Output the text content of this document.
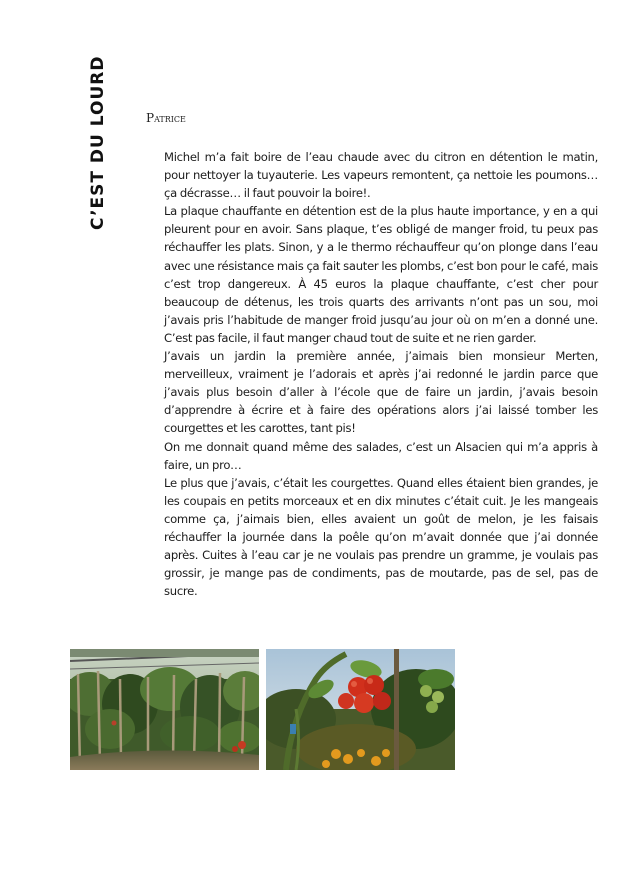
C’EST DU LOURD	Patrice

Michel m’a fait boire de l’eau chaude avec du citron en détention le matin, pour nettoyer la tuyauterie. Les vapeurs remontent, ça nettoie les poumons… ça décrasse… il faut pouvoir la boire!.

La plaque chauffante en détention est de la plus haute importance, y en a qui pleurent pour en avoir. Sans plaque, t’es obligé de manger froid, tu peux pas réchauffer les plats. Sinon, y a le thermo réchauffeur qu’on plonge dans l’eau avec une résistance mais ça fait sauter les plombs, c’est bon pour le café, mais c’est trop dangereux. À 45 euros la plaque chauffante, c’est cher pour beaucoup de détenus, les trois quarts des arrivants n’ont pas un sou, moi j’avais pris l’habitude de manger froid jusqu’au jour où on m’en a donné une. C’est pas facile, il faut manger chaud tout de suite et ne rien garder.

J’avais un jardin la première année, j’aimais bien monsieur Merten, merveilleux, vraiment je l’adorais et après j’ai redonné le jardin parce que j’avais plus besoin d’aller à l’école que de faire un jardin, j’avais besoin d’apprendre à écrire et à faire des opérations alors j’ai laissé tomber les courgettes et les carottes, tant pis!

On me donnait quand même des salades, c’est un Alsacien qui m’a appris à faire, un pro…

Le plus que j’avais, c’était les courgettes. Quand elles étaient bien grandes, je les coupais en petits morceaux et en dix minutes c’était cuit. Je les mangeais comme ça, j’aimais bien, elles avaient un goût de melon, je les faisais réchauffer la journée dans la poêle qu’on m’avait donnée que j’ai donnée après. Cuites à l’eau car je ne voulais pas prendre un gramme, je voulais pas grossir, je mange pas de condiments, pas de moutarde, pas de sel, pas de sucre.
